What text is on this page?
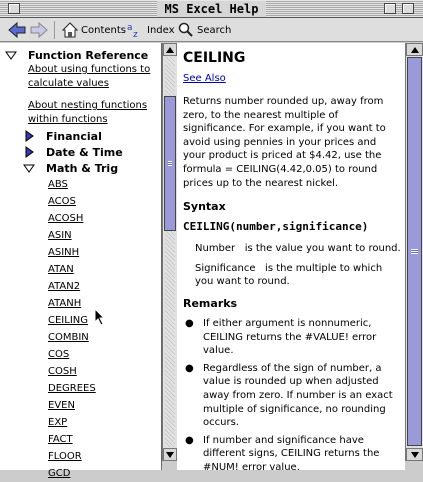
MS Excel Help
Contents a
z Index Search
Function Reference
About using functions to calculate values
About nesting functions within functions
Financial
Date & Time
Math & Trig
ABS
ACOS
ACOSH
ASIN
ASINH
ATAN
ATAN2
ATANH
CEILING
COMBIN
COS
COSH
DEGREES
EVEN
EXP
FACT
FLOOR
GCD
CEILING
See Also
Returns number rounded up, away from zero, to the nearest multiple of significance. For example, if you want to avoid using pennies in your prices and your product is priced at $4.42, use the formula = CEILING(4.42,0.05) to round prices up to the nearest nickel.
Syntax
CEILING(number,significance)
Number   is the value you want to round.
Significance   is the multiple to which you want to round.
Remarks
● If either argument is nonnumeric, CEILING returns the #VALUE! error value.
● Regardless of the sign of number, a value is rounded up when adjusted away from zero. If number is an exact multiple of significance, no rounding occurs.
● If number and significance have different signs, CEILING returns the #NUM! error value.
